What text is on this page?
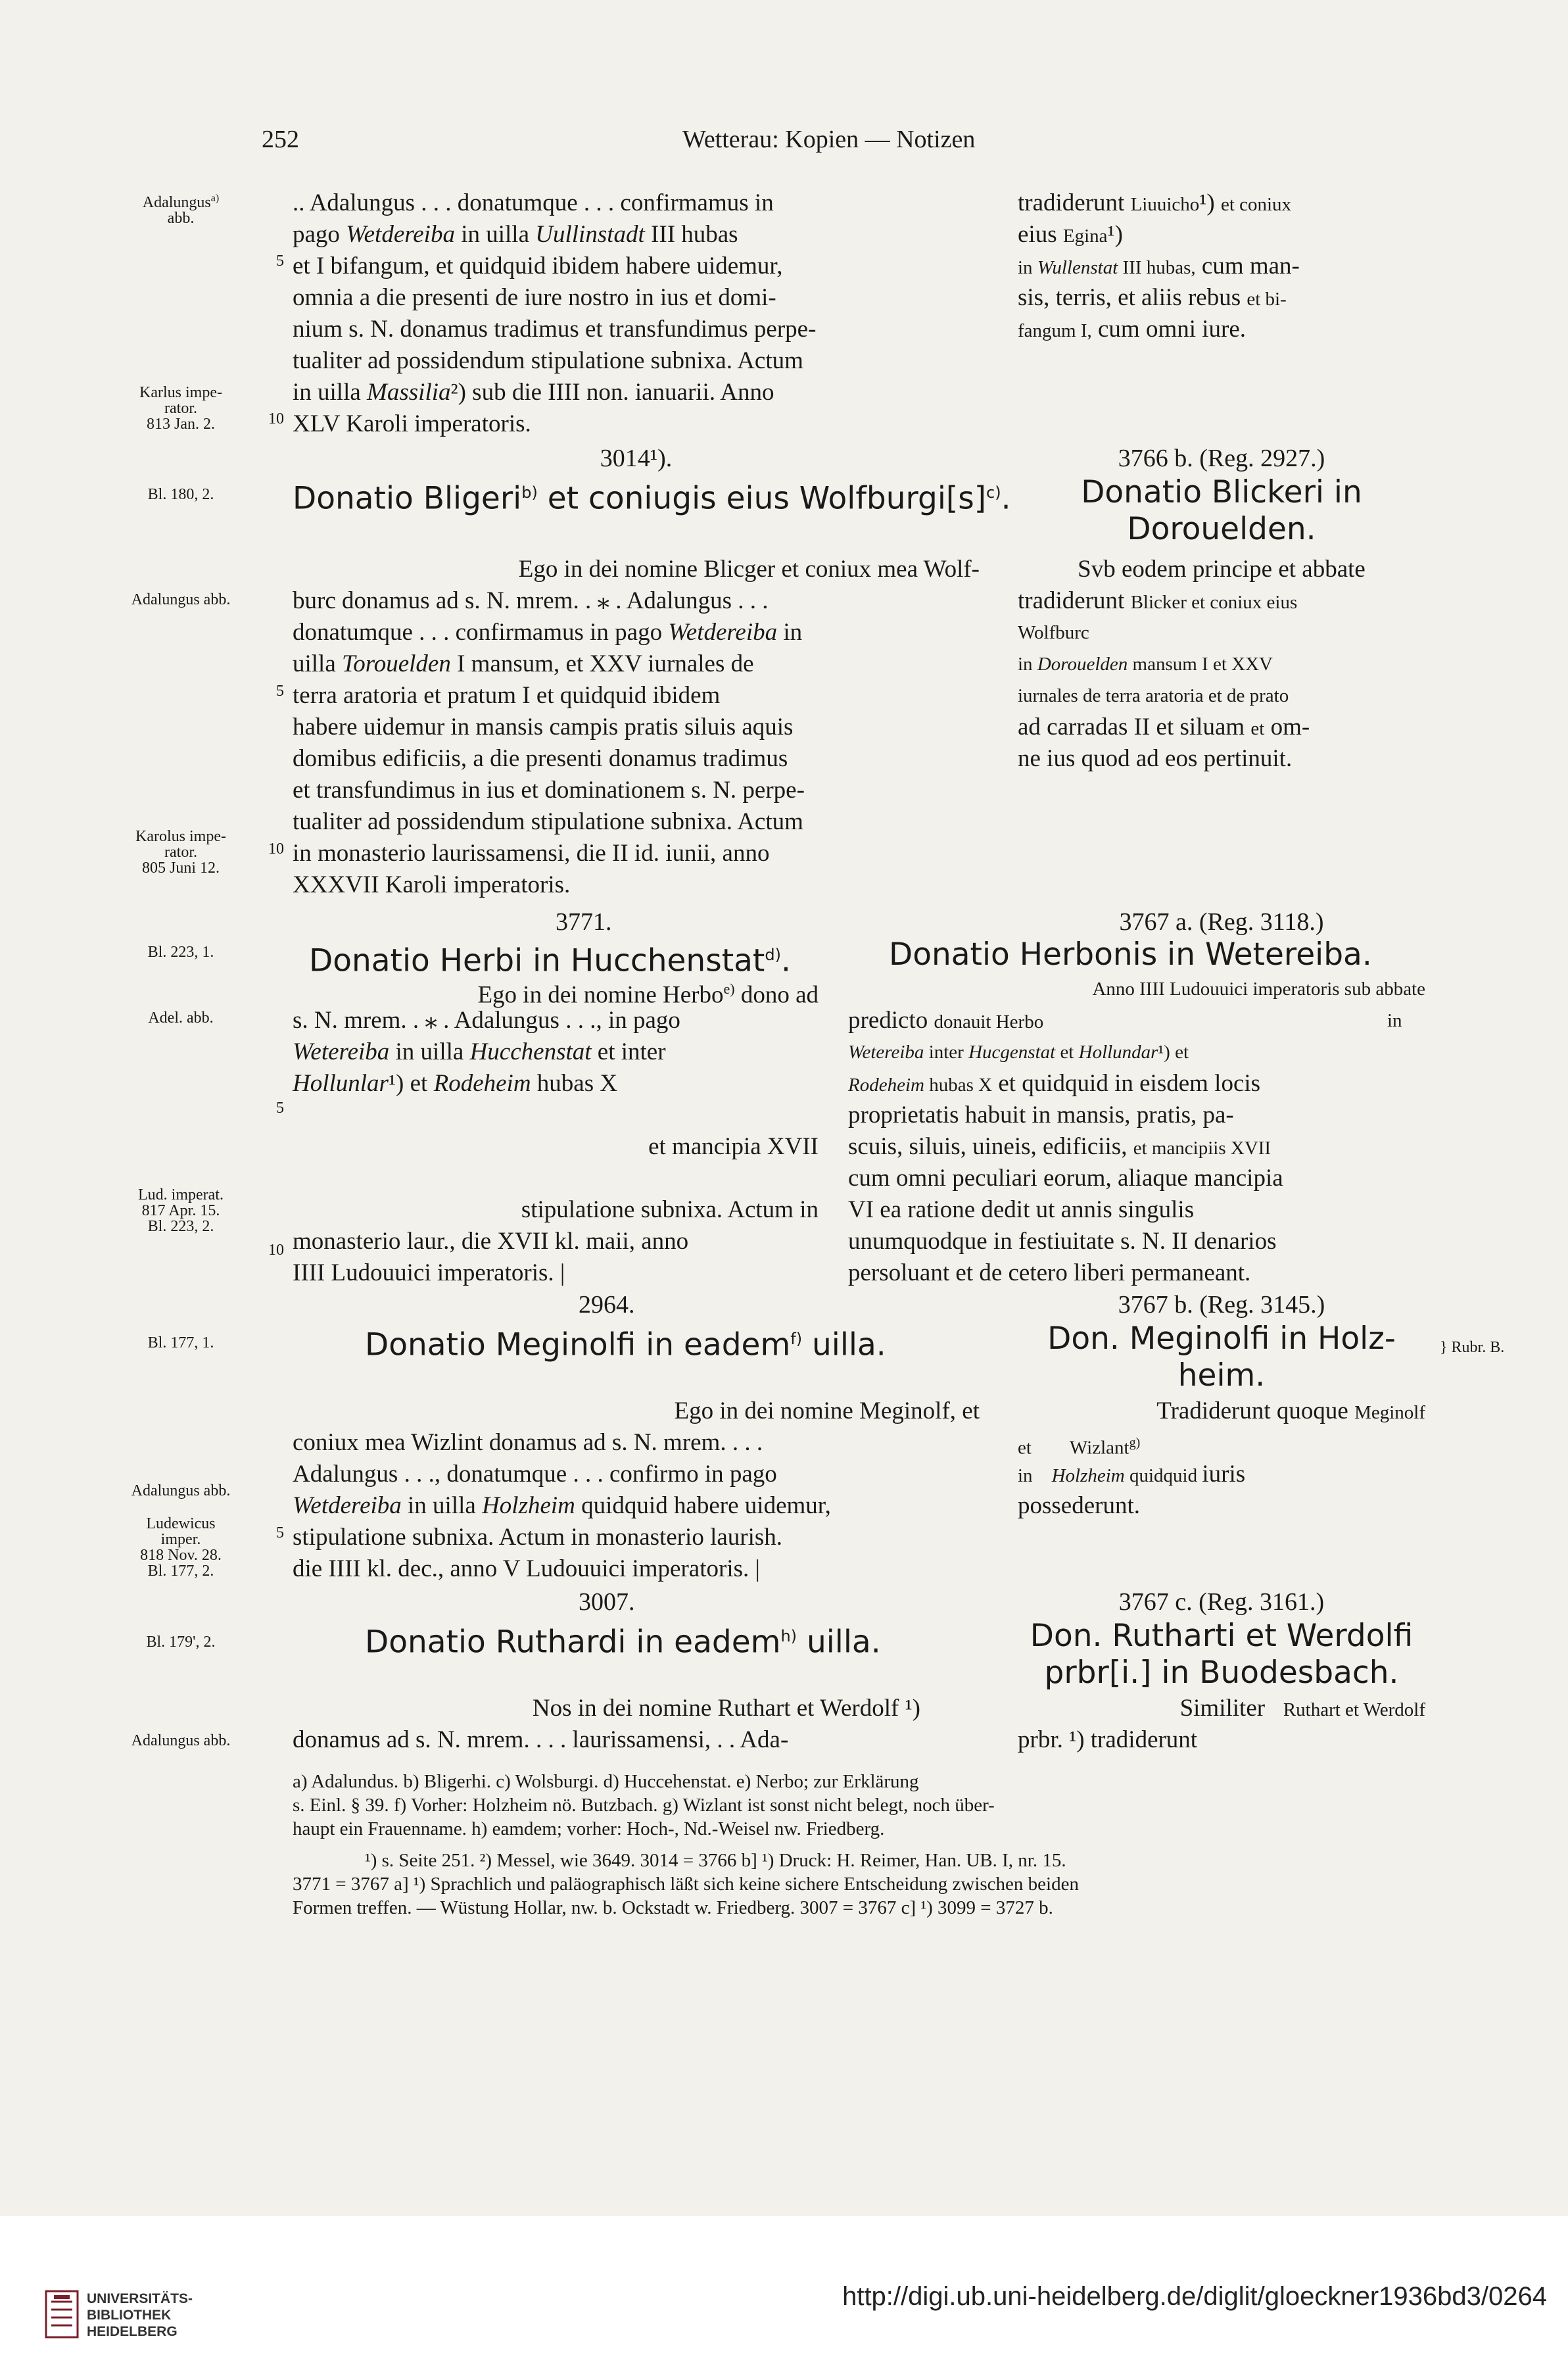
252	Wetterau: Kopien — Notizen
Adalungus$^{a)}$
abb.
Karlus impe-
rator.
813 Jan. 2.
Bl. 180, 2.
Adalungus abb.
Karolus impe-
rator.
805 Juni 12.
Bl. 223, 1.
Adel. abb.
Lud. imperat.
817 Apr. 15.
Bl. 223, 2.
Bl. 177, 1.
Adalungus abb.
Ludewicus
imper.
818 Nov. 28.
Bl. 177, 2.
Bl. 179', 2.
Adalungus abb.
} Rubr. B.
5
10
5
10
5
10
5
.. Adalungus . . . donatumque . . . confirmamus in
pago Wetdereiba in uilla Uullinstadt III hubas
et I bifangum, et quidquid ibidem habere uidemur,
omnia a die presenti de iure nostro in ius et domi-
nium s. N. donamus tradimus et transfundimus perpe-
tualiter ad possidendum stipulatione subnixa. Actum
in uilla Massilia²) sub die IIII non. ianuarii. Anno
XLV Karoli imperatoris.
tradiderunt Liuuicho¹) et coniux
eius Egina¹)
in Wullenstat III hubas, cum man-
sis, terris, et aliis rebus et bi-
fangum I, cum omni iure.
3014¹).	3766 b. (Reg. 2927.)
Donatio Bligeri$^{b)}$ et coniugis eius $Wolfburgi[s]^{c)}$.	Donatio Blickeri in
Dorouelden.
Ego in dei nomine Blicger et coniux mea Wolf-
burc donamus ad s. N. mrem. . ⁎ . Adalungus . . .
donatumque . . . confirmamus in pago Wetdereiba in
uilla Torouelden I mansum, et XXV iurnales de
terra aratoria et pratum I et quidquid ibidem
habere uidemur in mansis campis pratis siluis aquis
domibus edificiis, a die presenti donamus tradimus
et transfundimus in ius et dominationem s. N. perpe-
tualiter ad possidendum stipulatione subnixa. Actum
in monasterio laurissamensi, die II id. iunii, anno
XXXVII Karoli imperatoris.
Svb eodem principe et abbate
tradiderunt Blicker et coniux eius
Wolfburc
in Dorouelden mansum I et XXV
iurnales de terra aratoria et de prato
ad carradas II et siluam et om-
ne ius quod ad eos pertinuit.
3771.	3767 a. (Reg. 3118.)
Donatio Herbi in Hucchenstat$^{d)}$.	Donatio Herbonis in Wetereiba.
Ego in dei nomine Herbo$^{e)}$ dono ad
s. N. mrem. . ⁎ . Adalungus . . ., in pago
Wetereiba in uilla Hucchenstat et inter
Hollunlar¹) et Rodeheim hubas X
et mancipia XVII
stipulatione subnixa. Actum in
monasterio laur., die XVII kl. maii, anno
IIII Ludouuici imperatoris. |
Anno IIII Ludouuici imperatoris sub abbate
predicto donauit Herbo	in
Wetereiba inter Hucgenstat et Hollundar¹) et
Rodeheim hubas X et quidquid in eisdem locis
proprietatis habuit in mansis, pratis, pa-
scuis, siluis, uineis, edificiis, et mancipiis XVII
cum omni peculiari eorum, aliaque mancipia
VI ea ratione dedit ut annis singulis
unumquodque in festiuitate s. N. II denarios
persoluant et de cetero liberi permaneant.
2964.	3767 b. (Reg. 3145.)
Donatio Meginolfi in eadem$^{f)}$ uilla.	Don. Meginolfi in Holz-
heim.
Ego in dei nomine Meginolf, et
coniux mea Wizlint donamus ad s. N. mrem. . . .
Adalungus . . ., donatumque . . . confirmo in pago
Wetdereiba in uilla Holzheim quidquid habere uidemur,
stipulatione subnixa. Actum in monasterio laurish.
die IIII kl. dec., anno V Ludouuici imperatoris. |
Tradiderunt quoque Meginolf
et        Wizlant$^{g)}$
in    Holzheim quidquid iuris
possederunt.
3007.	3767 c. (Reg. 3161.)
Donatio Ruthardi in eadem$^{h)}$ uilla.	Don. Rutharti et Werdolfi
prbr[i.] in Buodesbach.
Nos in dei nomine Ruthart et Werdolf ¹)
donamus ad s. N. mrem. . . . laurissamensi, . . Ada-
Similiter   Ruthart et Werdolf
prbr. ¹) tradiderunt
a) Adalundus. b) Bligerhi. c) Wolsburgi. d) Huccehenstat. e) Nerbo; zur Erklärung
s. Einl. § 39. f) Vorher: Holzheim nö. Butzbach. g) Wizlant ist sonst nicht belegt, noch über-
haupt ein Frauenname. h) eamdem; vorher: Hoch-, Nd.-Weisel nw. Friedberg.
¹) s. Seite 251. ²) Messel, wie 3649. 3014 = 3766 b] ¹) Druck: H. Reimer, Han. UB. I, nr. 15.
3771 = 3767 a] ¹) Sprachlich und paläographisch läßt sich keine sichere Entscheidung zwischen beiden
Formen treffen. — Wüstung Hollar, nw. b. Ockstadt w. Friedberg. 3007 = 3767 c] ¹) 3099 = 3727 b.
UNIVERSITÄTS-
BIBLIOTHEK
HEIDELBERG
http://digi.ub.uni-heidelberg.de/diglit/gloeckner1936bd3/0264
